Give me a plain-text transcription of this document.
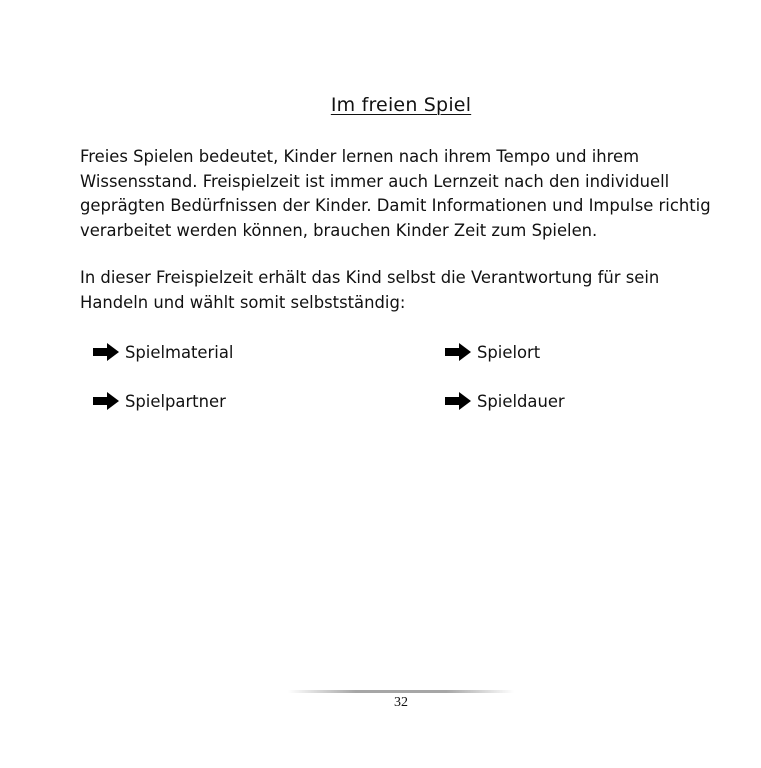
Im freien Spiel

Freies Spielen bedeutet, Kinder lernen nach ihrem Tempo und ihrem
Wissensstand. Freispielzeit ist immer auch Lernzeit nach den individuell
geprägten Bedürfnissen der Kinder. Damit Informationen und Impulse richtig
verarbeitet werden können, brauchen Kinder Zeit zum Spielen.

In dieser Freispielzeit erhält das Kind selbst die Verantwortung für sein
Handeln und wählt somit selbstständig:

Spielmaterial	Spielort
Spielpartner	Spieldauer
32
